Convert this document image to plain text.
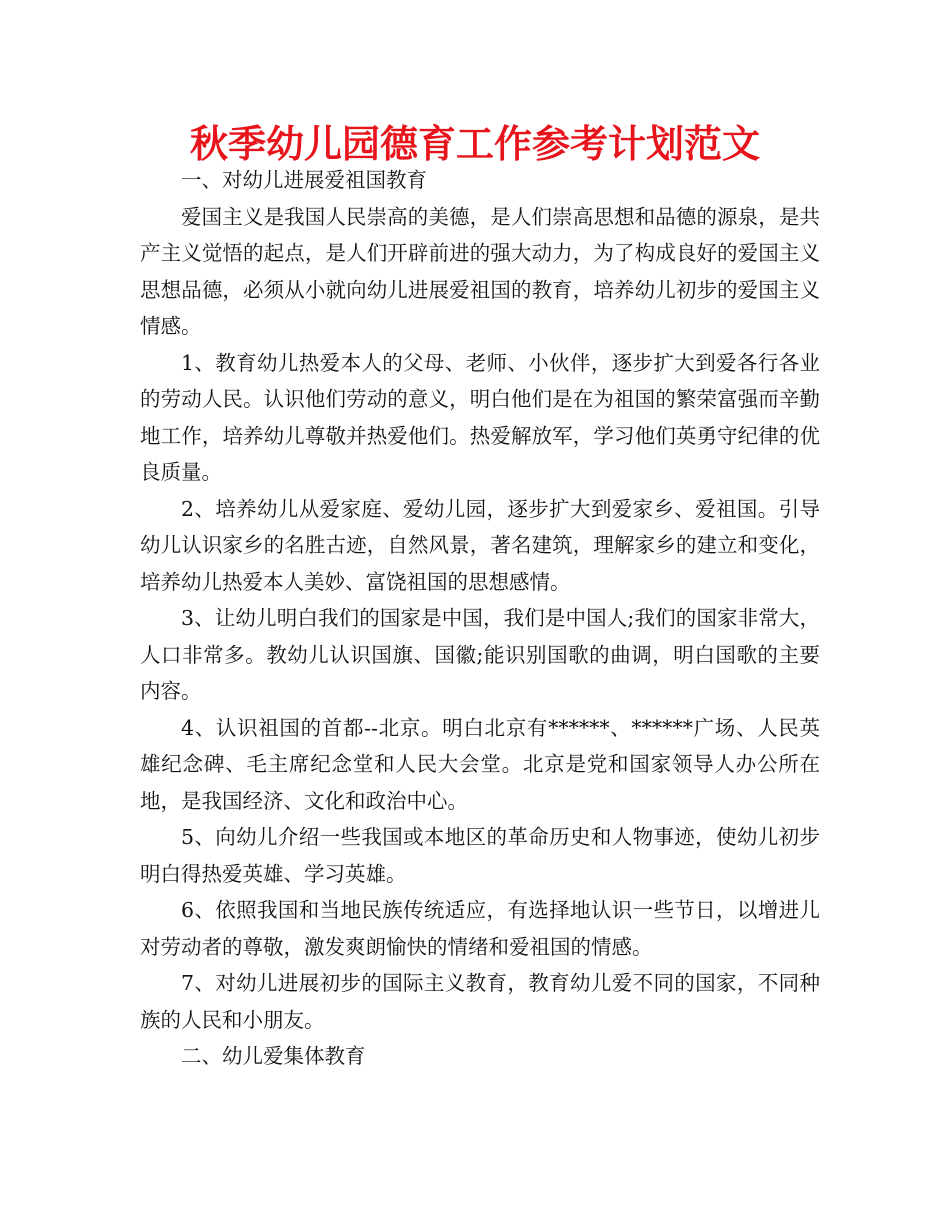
秋季幼儿园德育工作参考计划范文

一、对幼儿进展爱祖国教育

爱国主义是我国人民崇高的美德，是人们崇高思想和品德的源泉，是共产主义觉悟的起点，是人们开辟前进的强大动力，为了构成良好的爱国主义思想品德，必须从小就向幼儿进展爱祖国的教育，培养幼儿初步的爱国主义情感。

1、教育幼儿热爱本人的父母、老师、小伙伴，逐步扩大到爱各行各业的劳动人民。认识他们劳动的意义，明白他们是在为祖国的繁荣富强而辛勤地工作，培养幼儿尊敬并热爱他们。热爱解放军，学习他们英勇守纪律的优良质量。

2、培养幼儿从爱家庭、爱幼儿园，逐步扩大到爱家乡、爱祖国。引导幼儿认识家乡的名胜古迹，自然风景，著名建筑，理解家乡的建立和变化，培养幼儿热爱本人美妙、富饶祖国的思想感情。

3、让幼儿明白我们的国家是中国，我们是中国人;我们的国家非常大，人口非常多。教幼儿认识国旗、国徽;能识别国歌的曲调，明白国歌的主要内容。

4、认识祖国的首都--北京。明白北京有******、******广场、人民英雄纪念碑、毛主席纪念堂和人民大会堂。北京是党和国家领导人办公所在地，是我国经济、文化和政治中心。

5、向幼儿介绍一些我国或本地区的革命历史和人物事迹，使幼儿初步明白得热爱英雄、学习英雄。

6、依照我国和当地民族传统适应，有选择地认识一些节日，以增进儿对劳动者的尊敬，激发爽朗愉快的情绪和爱祖国的情感。

7、对幼儿进展初步的国际主义教育，教育幼儿爱不同的国家，不同种族的人民和小朋友。

二、幼儿爱集体教育
